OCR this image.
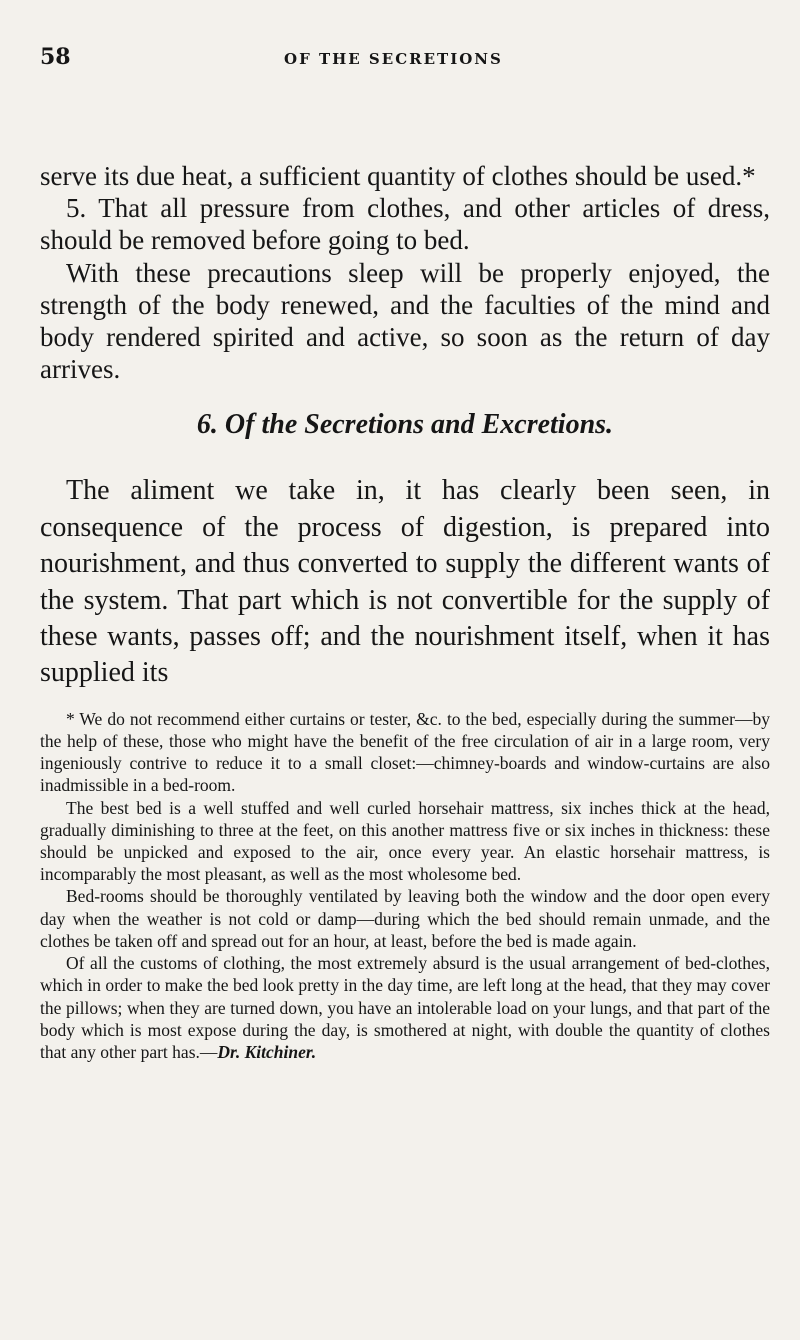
58	OF THE SECRETIONS

serve its due heat, a sufficient quantity of clothes should be used.*

5. That all pressure from clothes, and other articles of dress, should be removed before going to bed.

With these precautions sleep will be properly enjoyed, the strength of the body renewed, and the faculties of the mind and body rendered spirited and active, so soon as the return of day arrives.

6. Of the Secretions and Excretions.

The aliment we take in, it has clearly been seen, in consequence of the process of digestion, is prepared into nourishment, and thus converted to supply the different wants of the system. That part which is not convertible for the supply of these wants, passes off; and the nourishment itself, when it has supplied its

* We do not recommend either curtains or tester, &c. to the bed, especially during the summer—by the help of these, those who might have the benefit of the free circulation of air in a large room, very ingeniously contrive to reduce it to a small closet:—chimney-boards and window-curtains are also inadmissible in a bed-room.

The best bed is a well stuffed and well curled horsehair mattress, six inches thick at the head, gradually diminishing to three at the feet, on this another mattress five or six inches in thickness: these should be unpicked and exposed to the air, once every year. An elastic horsehair mattress, is incomparably the most pleasant, as well as the most wholesome bed.

Bed-rooms should be thoroughly ventilated by leaving both the window and the door open every day when the weather is not cold or damp—during which the bed should remain unmade, and the clothes be taken off and spread out for an hour, at least, before the bed is made again.

Of all the customs of clothing, the most extremely absurd is the usual arrangement of bed-clothes, which in order to make the bed look pretty in the day time, are left long at the head, that they may cover the pillows; when they are turned down, you have an intolerable load on your lungs, and that part of the body which is most expose during the day, is smothered at night, with double the quantity of clothes that any other part has.—Dr. Kitchiner.
